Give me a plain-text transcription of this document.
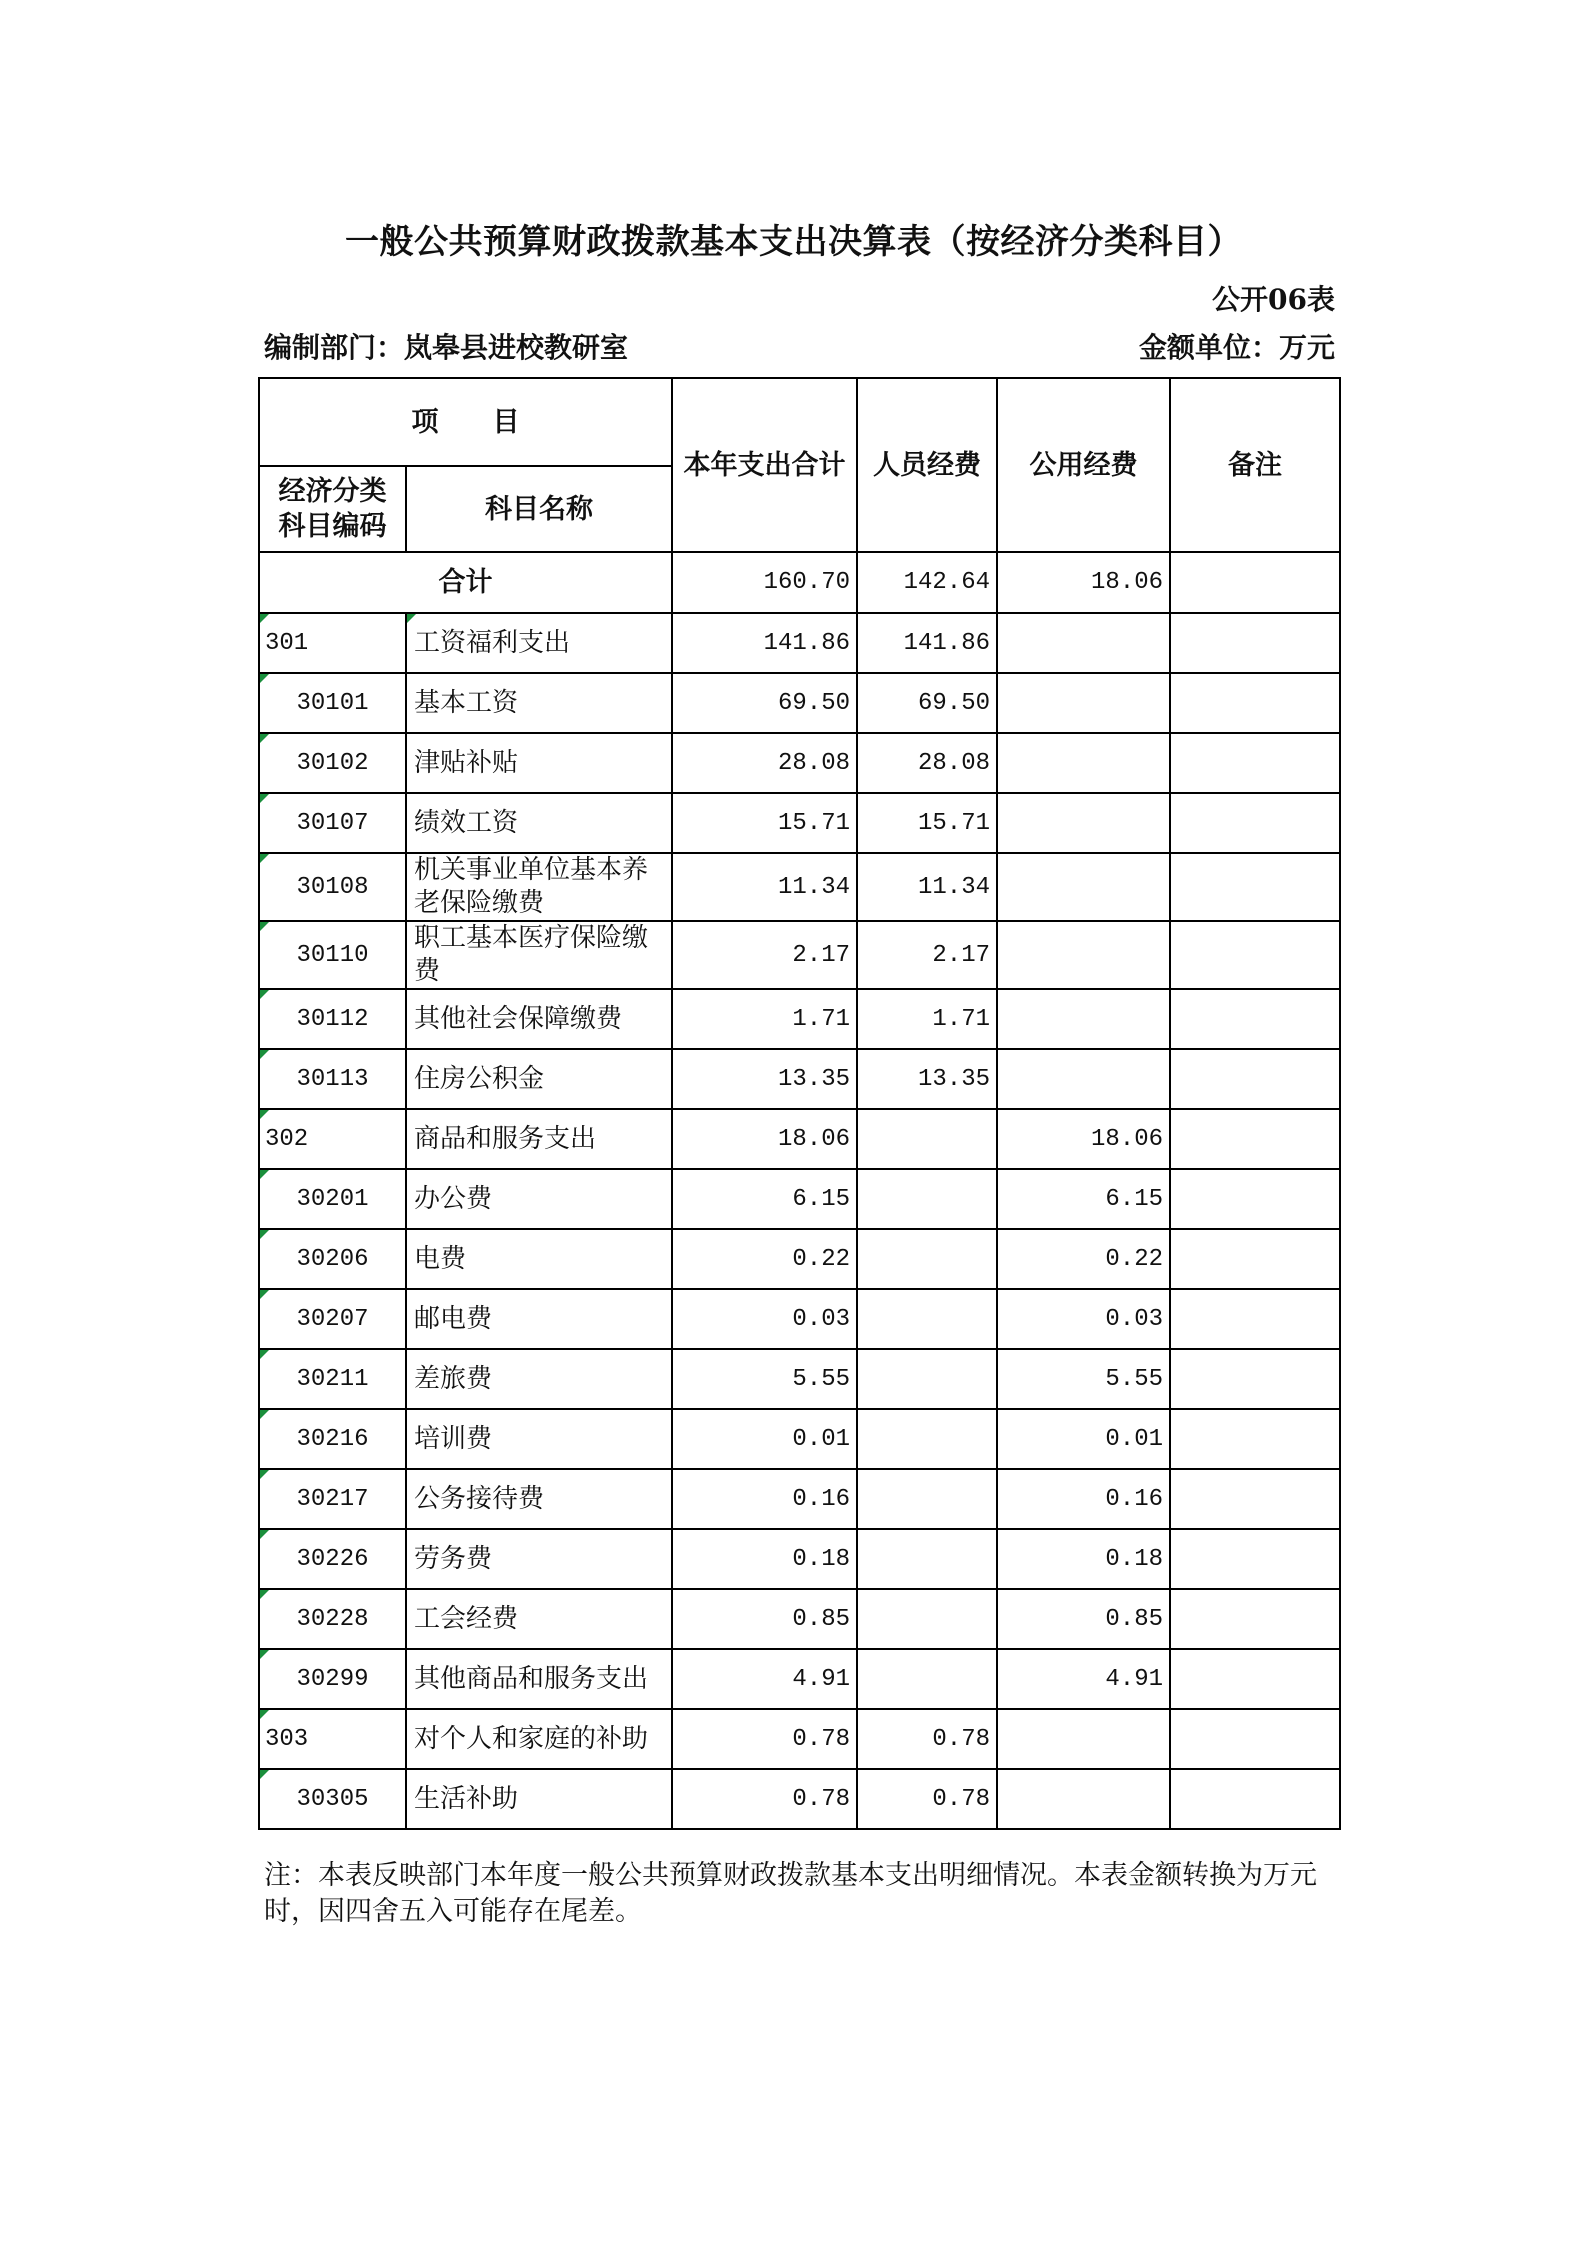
一般公共预算财政拨款基本支出决算表（按经济分类科目）
公开06表
编制部门：岚皋县进校教研室	金额单位：万元
项　　目		本年支出合计	人员经费	公用经费	备注
经济分类
科目编码	科目名称				
合计		160.70	142.64	18.06	
301	工资福利支出	141.86	141.86		
30101	基本工资	69.50	69.50		
30102	津贴补贴	28.08	28.08		
30107	绩效工资	15.71	15.71		
30108	机关事业单位基本养老保险缴费	11.34	11.34		
30110	职工基本医疗保险缴费	2.17	2.17		
30112	其他社会保障缴费	1.71	1.71		
30113	住房公积金	13.35	13.35		
302	商品和服务支出	18.06		18.06	
30201	办公费	6.15		6.15	
30206	电费	0.22		0.22	
30207	邮电费	0.03		0.03	
30211	差旅费	5.55		5.55	
30216	培训费	0.01		0.01	
30217	公务接待费	0.16		0.16	
30226	劳务费	0.18		0.18	
30228	工会经费	0.85		0.85	
30299	其他商品和服务支出	4.91		4.91	
303	对个人和家庭的补助	0.78	0.78		
30305	生活补助	0.78	0.78		
注：本表反映部门本年度一般公共预算财政拨款基本支出明细情况。本表金额转换为万元时，因四舍五入可能存在尾差。
